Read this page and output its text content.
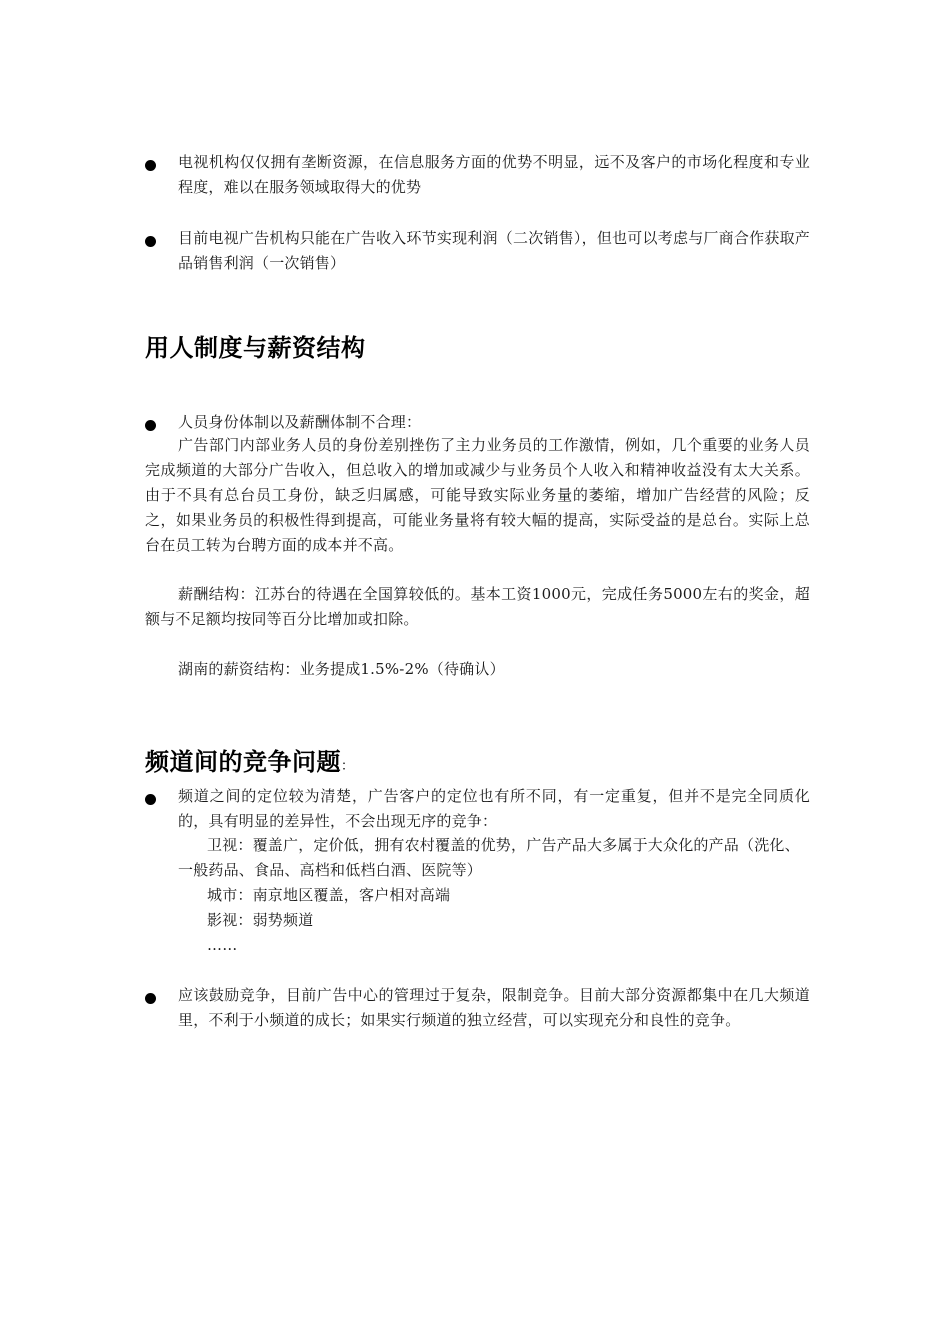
电视机构仅仅拥有垄断资源，在信息服务方面的优势不明显，远不及客户的市场化程度和专业程度，难以在服务领域取得大的优势
目前电视广告机构只能在广告收入环节实现利润（二次销售），但也可以考虑与厂商合作获取产品销售利润（一次销售）
用人制度与薪资结构
人员身份体制以及薪酬体制不合理：
广告部门内部业务人员的身份差别挫伤了主力业务员的工作激情，例如，几个重要的业务人员完成频道的大部分广告收入，但总收入的增加或减少与业务员个人收入和精神收益没有太大关系。由于不具有总台员工身份，缺乏归属感，可能导致实际业务量的萎缩，增加广告经营的风险；反之，如果业务员的积极性得到提高，可能业务量将有较大幅的提高，实际受益的是总台。实际上总台在员工转为台聘方面的成本并不高。
薪酬结构：江苏台的待遇在全国算较低的。基本工资1000元，完成任务5000左右的奖金，超额与不足额均按同等百分比增加或扣除。
湖南的薪资结构：业务提成1.5%-2%（待确认）
频道间的竞争问题：
频道之间的定位较为清楚，广告客户的定位也有所不同，有一定重复，但并不是完全同质化的，具有明显的差异性，不会出现无序的竞争：
卫视：覆盖广，定价低，拥有农村覆盖的优势，广告产品大多属于大众化的产品（洗化、一般药品、食品、高档和低档白酒、医院等）
城市：南京地区覆盖，客户相对高端
影视：弱势频道
……
应该鼓励竞争，目前广告中心的管理过于复杂，限制竞争。目前大部分资源都集中在几大频道里，不利于小频道的成长；如果实行频道的独立经营，可以实现充分和良性的竞争。
